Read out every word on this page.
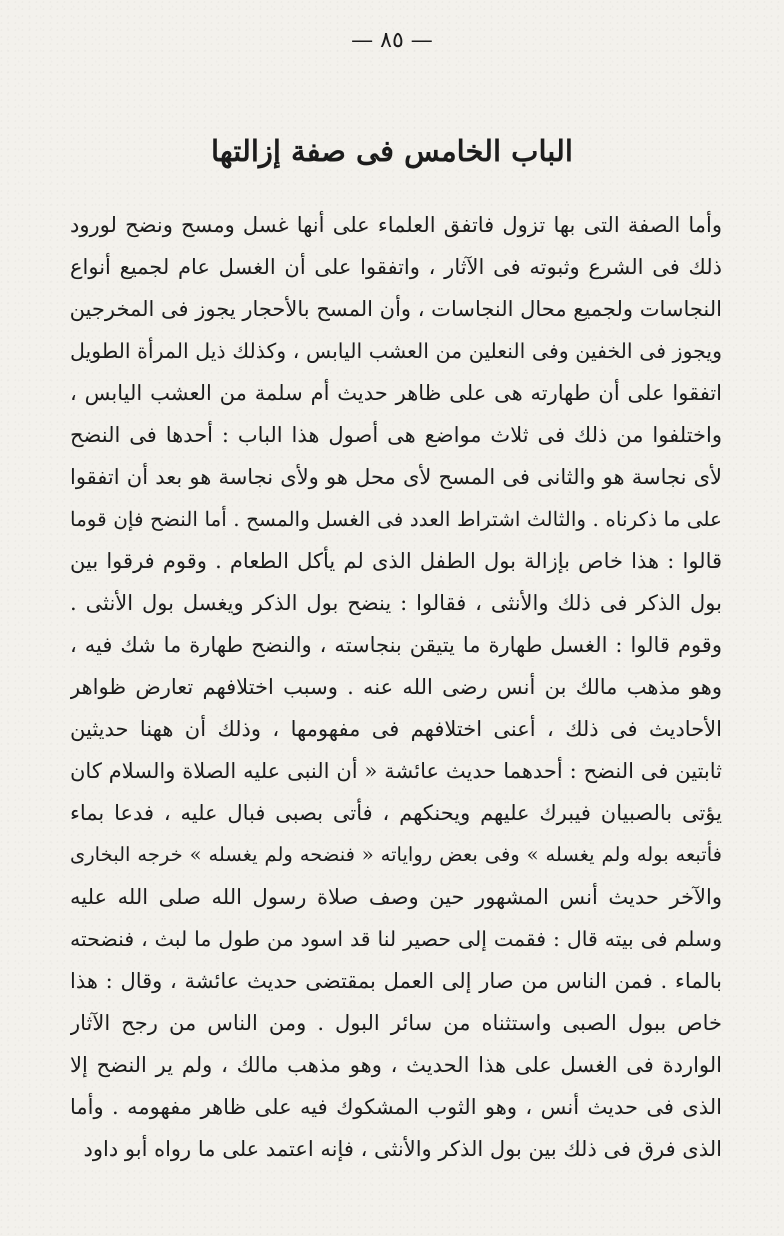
— ٨٥ —
الباب الخامس فى صفة إزالتها
وأما الصفة التى بها تزول فاتفق العلماء على أنها غسل ومسح ونضح لورود
ذلك فى الشرع وثبوته فى الآثار ، واتفقوا على أن الغسل عام لجميع أنواع
النجاسات ولجميع محال النجاسات ، وأن المسح بالأحجار يجوز فى المخرجين
ويجوز فى الخفين وفى النعلين من العشب اليابس ، وكذلك ذيل المرأة الطويل
اتفقوا على أن طهارته هى على ظاهر حديث أم سلمة من العشب اليابس ،
واختلفوا من ذلك فى ثلاث مواضع هى أصول هذا الباب : أحدها فى النضح
لأى نجاسة هو والثانى فى المسح لأى محل هو ولأى نجاسة هو بعد أن اتفقوا
على ما ذكرناه . والثالث اشتراط العدد فى الغسل والمسح . أما النضح فإن قوما
قالوا : هذا خاص بإزالة بول الطفل الذى لم يأكل الطعام . وقوم فرقوا بين
بول الذكر فى ذلك والأنثى ، فقالوا : ينضح بول الذكر ويغسل بول الأنثى .
وقوم قالوا : الغسل طهارة ما يتيقن بنجاسته ، والنضح طهارة ما شك فيه ،
وهو مذهب مالك بن أنس رضى الله عنه . وسبب اختلافهم تعارض ظواهر
الأحاديث فى ذلك ، أعنى اختلافهم فى مفهومها ، وذلك أن ههنا حديثين
ثابتين فى النضح : أحدهما حديث عائشة « أن النبى عليه الصلاة والسلام كان
يؤتى بالصبيان فيبرك عليهم ويحنكهم ، فأتى بصبى فبال عليه ، فدعا بماء
فأتبعه بوله ولم يغسله » وفى بعض رواياته « فنضحه ولم يغسله » خرجه البخارى
والآخر حديث أنس المشهور حين وصف صلاة رسول الله صلى الله عليه
وسلم فى بيته قال : فقمت إلى حصير لنا قد اسود من طول ما لبث ، فنضحته
بالماء . فمن الناس من صار إلى العمل بمقتضى حديث عائشة ، وقال : هذا
خاص ببول الصبى واستثناه من سائر البول . ومن الناس من رجح الآثار
الواردة فى الغسل على هذا الحديث ، وهو مذهب مالك ، ولم ير النضح إلا
الذى فى حديث أنس ، وهو الثوب المشكوك فيه على ظاهر مفهومه . وأما
الذى فرق فى ذلك بين بول الذكر والأنثى ، فإنه اعتمد على ما رواه أبو داود
